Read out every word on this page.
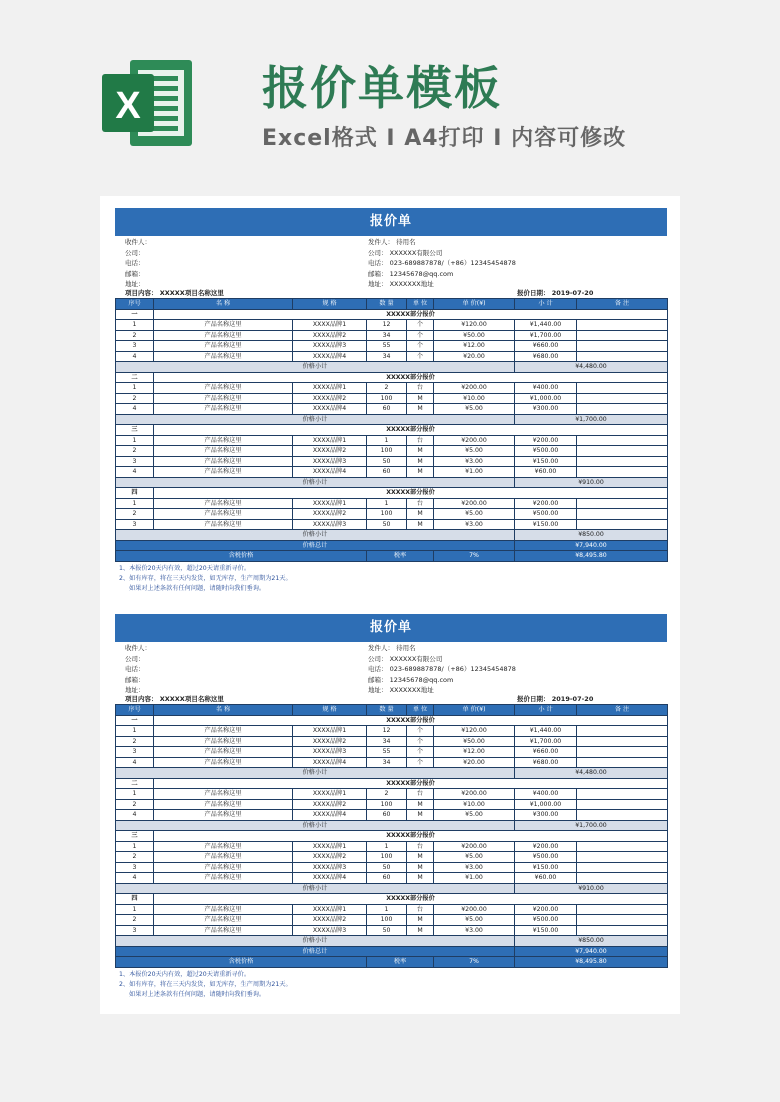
X	报价单模板
Excel格式 I A4打印 I 内容可修改
报价单
收件人：
公司：
电话：
邮箱：
地址：
发件人： 待用名
公司： XXXXXX有限公司
电话： 023-689887878/（+86）12345454878
邮箱： 12345678@qq.com
地址： XXXXXXX地址
项目内容： XXXXX项目名称这里	报价日期： 2019-07-20
序号	名 称	规 格	数 量	单 位	单 价(¥)	小 计	备 注
一	XXXXX部分报价						
1	产品名称这里	XXXX品牌1	12	个	¥120.00	¥1,440.00	
2	产品名称这里	XXXX品牌2	34	个	¥50.00	¥1,700.00	
3	产品名称这里	XXXX品牌3	55	个	¥12.00	¥660.00	
4	产品名称这里	XXXX品牌4	34	个	¥20.00	¥680.00	
价格小计						¥4,480.00	
二	XXXXX部分报价						
1	产品名称这里	XXXX品牌1	2	台	¥200.00	¥400.00	
2	产品名称这里	XXXX品牌2	100	M	¥10.00	¥1,000.00	
4	产品名称这里	XXXX品牌4	60	M	¥5.00	¥300.00	
价格小计						¥1,700.00	
三	XXXXX部分报价						
1	产品名称这里	XXXX品牌1	1	台	¥200.00	¥200.00	
2	产品名称这里	XXXX品牌2	100	M	¥5.00	¥500.00	
3	产品名称这里	XXXX品牌3	50	M	¥3.00	¥150.00	
4	产品名称这里	XXXX品牌4	60	M	¥1.00	¥60.00	
价格小计						¥910.00	
四	XXXXX部分报价						
1	产品名称这里	XXXX品牌1	1	台	¥200.00	¥200.00	
2	产品名称这里	XXXX品牌2	100	M	¥5.00	¥500.00	
3	产品名称这里	XXXX品牌3	50	M	¥3.00	¥150.00	
价格小计						¥850.00	
价格总计						¥7,940.00	
含税价格			税率		7%	¥8,495.80	
1、本报价20天内有效，超过20天请重新寻价。
2、如有库存，将在三天内发货，如无库存，生产周期为21天。
如果对上述条款有任何问题，请随时向我们垂询。
报价单
收件人：
公司：
电话：
邮箱：
地址：
发件人： 待用名
公司： XXXXXX有限公司
电话： 023-689887878/（+86）12345454878
邮箱： 12345678@qq.com
地址： XXXXXXX地址
项目内容： XXXXX项目名称这里	报价日期： 2019-07-20
序号	名 称	规 格	数 量	单 位	单 价(¥)	小 计	备 注
一	XXXXX部分报价						
1	产品名称这里	XXXX品牌1	12	个	¥120.00	¥1,440.00	
2	产品名称这里	XXXX品牌2	34	个	¥50.00	¥1,700.00	
3	产品名称这里	XXXX品牌3	55	个	¥12.00	¥660.00	
4	产品名称这里	XXXX品牌4	34	个	¥20.00	¥680.00	
价格小计						¥4,480.00	
二	XXXXX部分报价						
1	产品名称这里	XXXX品牌1	2	台	¥200.00	¥400.00	
2	产品名称这里	XXXX品牌2	100	M	¥10.00	¥1,000.00	
4	产品名称这里	XXXX品牌4	60	M	¥5.00	¥300.00	
价格小计						¥1,700.00	
三	XXXXX部分报价						
1	产品名称这里	XXXX品牌1	1	台	¥200.00	¥200.00	
2	产品名称这里	XXXX品牌2	100	M	¥5.00	¥500.00	
3	产品名称这里	XXXX品牌3	50	M	¥3.00	¥150.00	
4	产品名称这里	XXXX品牌4	60	M	¥1.00	¥60.00	
价格小计						¥910.00	
四	XXXXX部分报价						
1	产品名称这里	XXXX品牌1	1	台	¥200.00	¥200.00	
2	产品名称这里	XXXX品牌2	100	M	¥5.00	¥500.00	
3	产品名称这里	XXXX品牌3	50	M	¥3.00	¥150.00	
价格小计						¥850.00	
价格总计						¥7,940.00	
含税价格			税率		7%	¥8,495.80	
1、本报价20天内有效，超过20天请重新寻价。
2、如有库存，将在三天内发货，如无库存，生产周期为21天。
如果对上述条款有任何问题，请随时向我们垂询。
